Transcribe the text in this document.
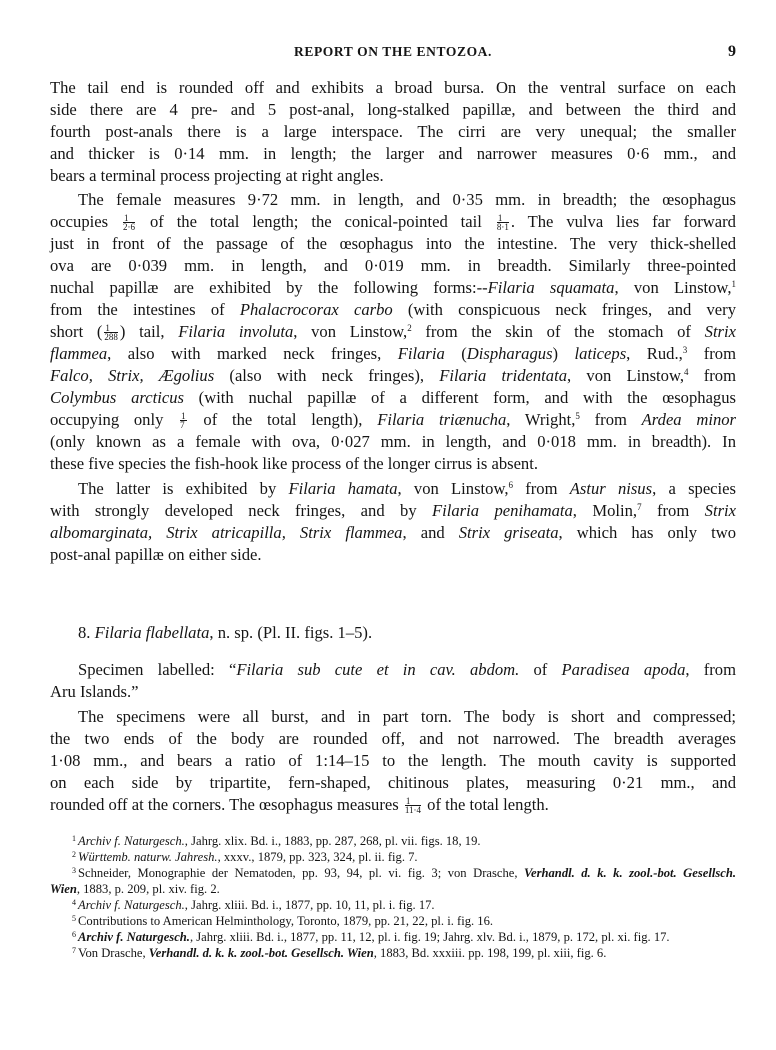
REPORT ON THE ENTOZOA.	9
The tail end is rounded off and exhibits a broad bursa. On the ventral surface on each
side there are 4 pre- and 5 post-anal, long-stalked papillæ, and between the third and
fourth post-anals there is a large interspace. The cirri are very unequal; the smaller
and thicker is 0·14 mm. in length; the larger and narrower measures 0·6 mm., and
bears a terminal process projecting at right angles.
The female measures 9·72 mm. in length, and 0·35 mm. in breadth; the œsophagus
occupies $\frac{1}{2\cdot 6}$ of the total length; the conical-pointed tail $\frac{1}{8\cdot 1}$ . The vulva lies far forward
just in front of the passage of the œsophagus into the intestine. The very thick-shelled
ova are 0·039 mm. in length, and 0·019 mm. in breadth. Similarly three-pointed
nuchal papillæ are exhibited by the following forms:--Filaria squamata, von Linstow,$^1$
from the intestines of Phalacrocorax carbo (with conspicuous neck fringes, and very
short ( $\frac{1}{288}$ ) tail, Filaria involuta, von Linstow,$^2$ from the skin of the stomach of Strix
flammea, also with marked neck fringes, Filaria (Dispharagus) laticeps, Rud.,$^3$ from
Falco, Strix, Ægolius (also with neck fringes), Filaria tridentata, von Linstow,$^4$ from
Colymbus arcticus (with nuchal papillæ of a different form, and with the œsophagus
occupying only $\frac{1}{7}$ of the total length), Filaria triænucha, Wright,$^5$ from Ardea minor
(only known as a female with ova, 0·027 mm. in length, and 0·018 mm. in breadth). In
these five species the fish-hook like process of the longer cirrus is absent.
The latter is exhibited by Filaria hamata, von Linstow,$^6$ from Astur nisus, a species
with strongly developed neck fringes, and by Filaria penihamata, Molin,$^7$ from Strix
albomarginata, Strix atricapilla, Strix flammea, and Strix griseata, which has only two
post-anal papillæ on either side.
8. Filaria flabellata, n. sp. (Pl. II. figs. 1–5).
Specimen labelled: “Filaria sub cute et in cav. abdom. of Paradisea apoda, from
Aru Islands.”
The specimens were all burst, and in part torn. The body is short and compressed;
the two ends of the body are rounded off, and not narrowed. The breadth averages
1·08 mm., and bears a ratio of 1:14–15 to the length. The mouth cavity is supported
on each side by tripartite, fern-shaped, chitinous plates, measuring 0·21 mm., and
rounded off at the corners. The œsophagus measures $\frac{1}{11\cdot 4}$ of the total length.
$^1$ Archiv f. Naturgesch., Jahrg. xlix. Bd. i., 1883, pp. 287, 268, pl. vii. figs. 18, 19.
$^2$ Württemb. naturw. Jahresh., xxxv., 1879, pp. 323, 324, pl. ii. fig. 7.
$^3$ Schneider, Monographie der Nematoden, pp. 93, 94, pl. vi. fig. 3; von Drasche, Verhandl. d. k. k. zool.-bot. Gesellsch.
Wien, 1883, p. 209, pl. xiv. fig. 2.
$^4$ Archiv f. Naturgesch., Jahrg. xliii. Bd. i., 1877, pp. 10, 11, pl. i. fig. 17.
$^5$ Contributions to American Helminthology, Toronto, 1879, pp. 21, 22, pl. i. fig. 16.
$^6$ Archiv f. Naturgesch., Jahrg. xliii. Bd. i., 1877, pp. 11, 12, pl. i. fig. 19; Jahrg. xlv. Bd. i., 1879, p. 172, pl. xi. fig. 17.
$^7$ Von Drasche, Verhandl. d. k. k. zool.-bot. Gesellsch. Wien, 1883, Bd. xxxiii. pp. 198, 199, pl. xiii, fig. 6.
